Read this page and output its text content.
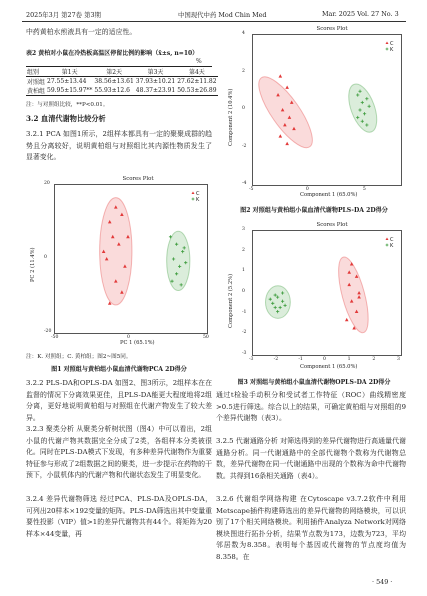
2025年3月 第27卷 第3期	中国现代中药 Mod Chin Med	Mar. 2025 Vol. 27 No. 3
中药黄柏水煎液具有一定的适应性。
表2 黄柏对小鼠在冷热板高温区停留比例的影响（x̄±s, n=10）
%
组别	第1天	第2天	第3天	第4天
对照组	27.55±13.44	38.56±13.61	37.93±10.21	27.62±11.82
黄柏组	59.95±15.97**	55.93±12.6	48.37±23.91	50.53±26.89
注：与对照组比较，**P<0.01。
3.2 血清代谢物比较分析
3.2.1 PCA 如图1所示，2组样本都具有一定的聚聚成群的趋势且分离较好，说明黄柏组与对照组比其内源性物质发生了显著变化。
Scores Plot
C
K
PC 1 (65.1%)
PC 2 (11.4%)
-50	0	50
-20
0
20
注：K. 对照组；C. 黄柏组；图2~图5同。
图1 对照组与黄柏组小鼠血清代谢物PCA 2D得分
3.2.2 PLS-DA和OPLS-DA 如图2、图3所示，2组样本在在监督的情况下分离效果更佳，且PLS-DA能更大程度地将2组分离，更好地说明黄柏组与对照组在代谢产物发生了较大差异。
3.2.3 聚类分析 从聚类分析树状图（图4）中可以看出，2组小鼠的代谢产物其数据完全分成了2类，各组样本分类被很化。同时在PLS-DA模式下发现，有多种差异代谢物作为重要特征参与形成了2组数据之间的聚类，进一步提示在药物的干预下，小鼠机体内的代谢产物和代谢状态发生了明显变化。
3.2.4 差异代谢物筛选 经过PCA、PLS-DA及OPLS-DA，可列出20样本×192变量的矩阵。PLS-DA筛选出其中变量重要性投影（VIP）值>1的差异代谢物共有44个。将矩阵为20样本×44变量，再
Scores Plot
C
K
Component 1 (65.0%)
Component 2 (10.4%)
-5	0	5
-4
-2
0
2
4
图2 对照组与黄柏组小鼠血清代谢物PLS-DA 2D得分
Scores Plot
C
K
Component 1 (65.0%)
Component 2 (5.2%)
-3	-2	-1	0	1	2	3
-3
-2
-1
0
1
2
3
图3 对照组与黄柏组小鼠血清代谢物OPLS-DA 2D得分
通过t检验手动积分和受试者工作特征（ROC）曲线精密度>0.5进行筛选。综合以上的结果，可确定黄柏组与对照组的9个差异代谢物（表3）。
3.2.5 代谢通路分析 对筛选得到的差异代谢物进行高通量代谢通路分析。同一代谢通路中的全部代谢物个数称为代谢物总数，差异代谢物在同一代谢通路中出现的个数称为命中代谢物数。共得到16条相关通路（表4）。
3.2.6 代谢组学网络构建 在Cytoscape v3.7.2软件中利用Metscape插件构建筛选出的差异代谢物的网络模块，可以识别了17个相关网络模块。利用插件Analyza Network对网络模块图进行拓扑分析，结果节点数为173，边数为723，平均邻居数为8.358。表明每个基因或代谢物的节点度均值为8.358。在
· 549 ·
